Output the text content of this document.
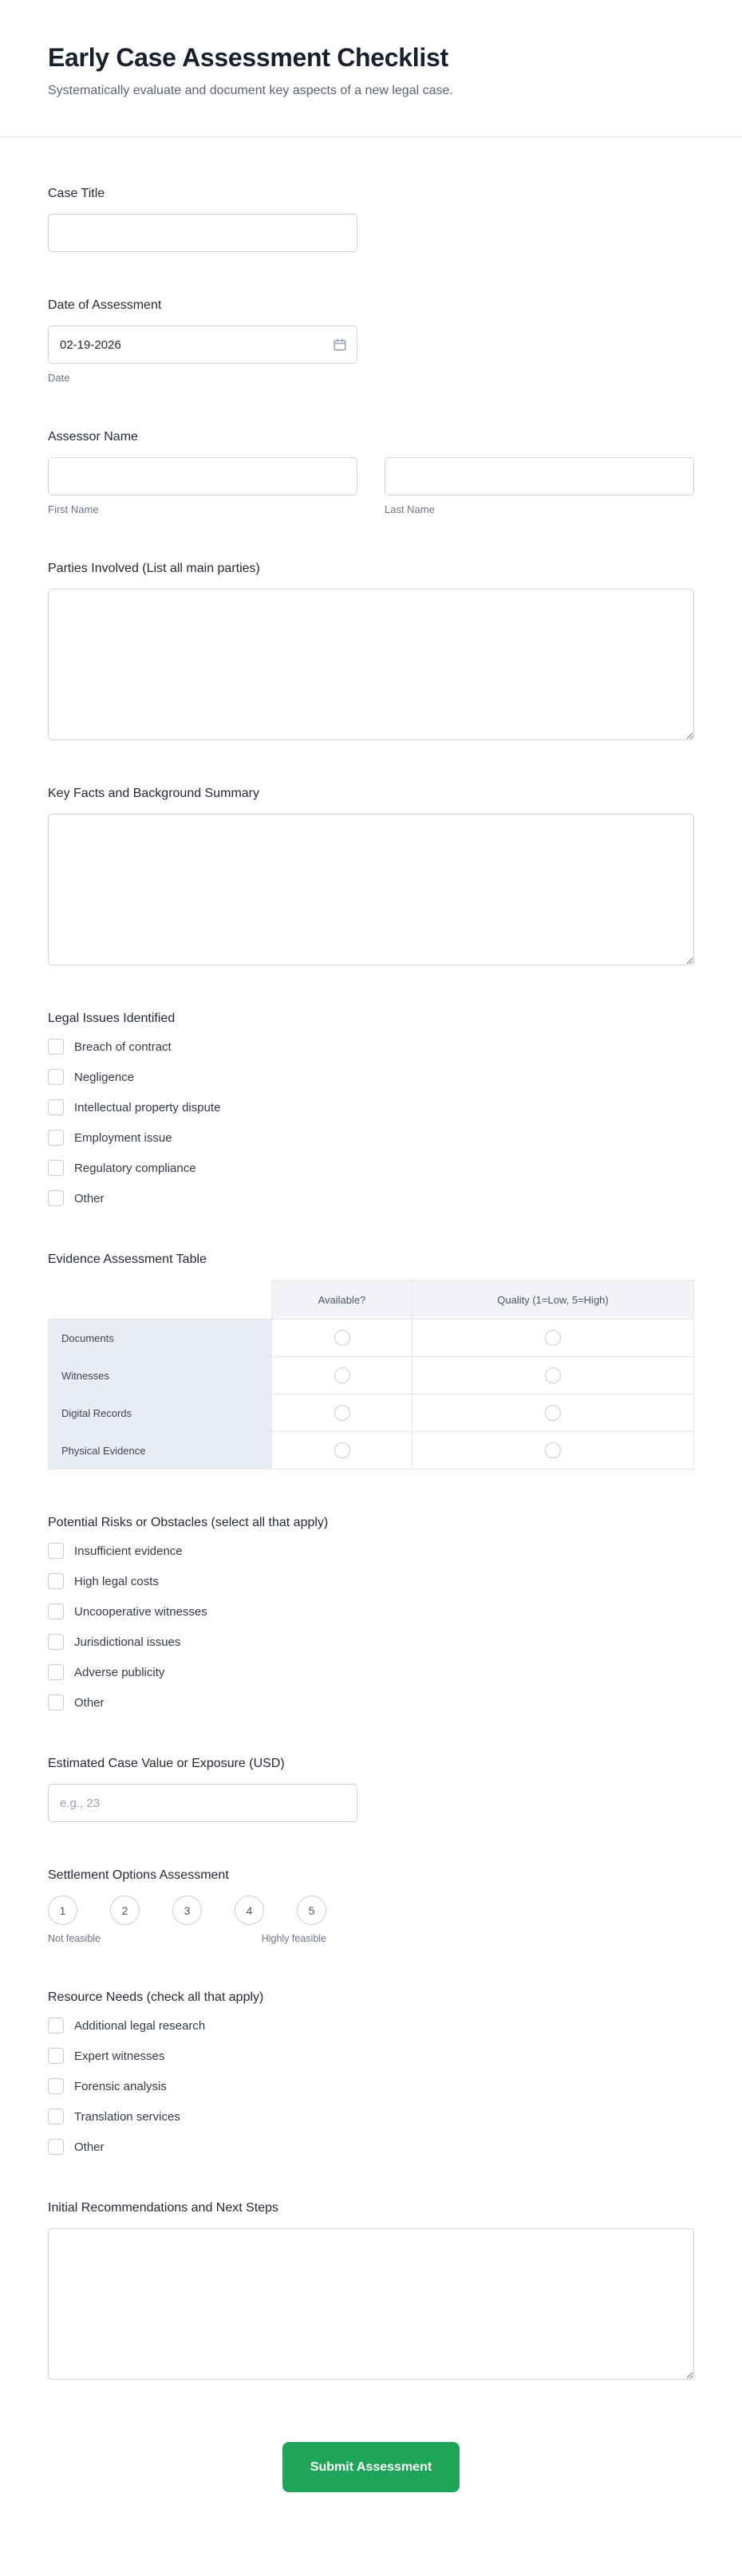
Early Case Assessment Checklist

Systematically evaluate and document key aspects of a new legal case.

Case Title
Date of Assessment
02-19-2026
Date
Assessor Name
First Name	Last Name
Parties Involved (List all main parties)
Key Facts and Background Summary
Legal Issues Identified
Breach of contract
Negligence
Intellectual property dispute
Employment issue
Regulatory compliance
Other
Evidence Assessment Table
	Available?	Quality (1=Low, 5=High)
Documents		
Witnesses		
Digital Records		
Physical Evidence		
Potential Risks or Obstacles (select all that apply)
Insufficient evidence
High legal costs
Uncooperative witnesses
Jurisdictional issues
Adverse publicity
Other
Estimated Case Value or Exposure (USD)
e.g., 23
Settlement Options Assessment
1	2	3	4	5
Not feasible	Highly feasible
Resource Needs (check all that apply)
Additional legal research
Expert witnesses
Forensic analysis
Translation services
Other
Initial Recommendations and Next Steps
Submit Assessment
